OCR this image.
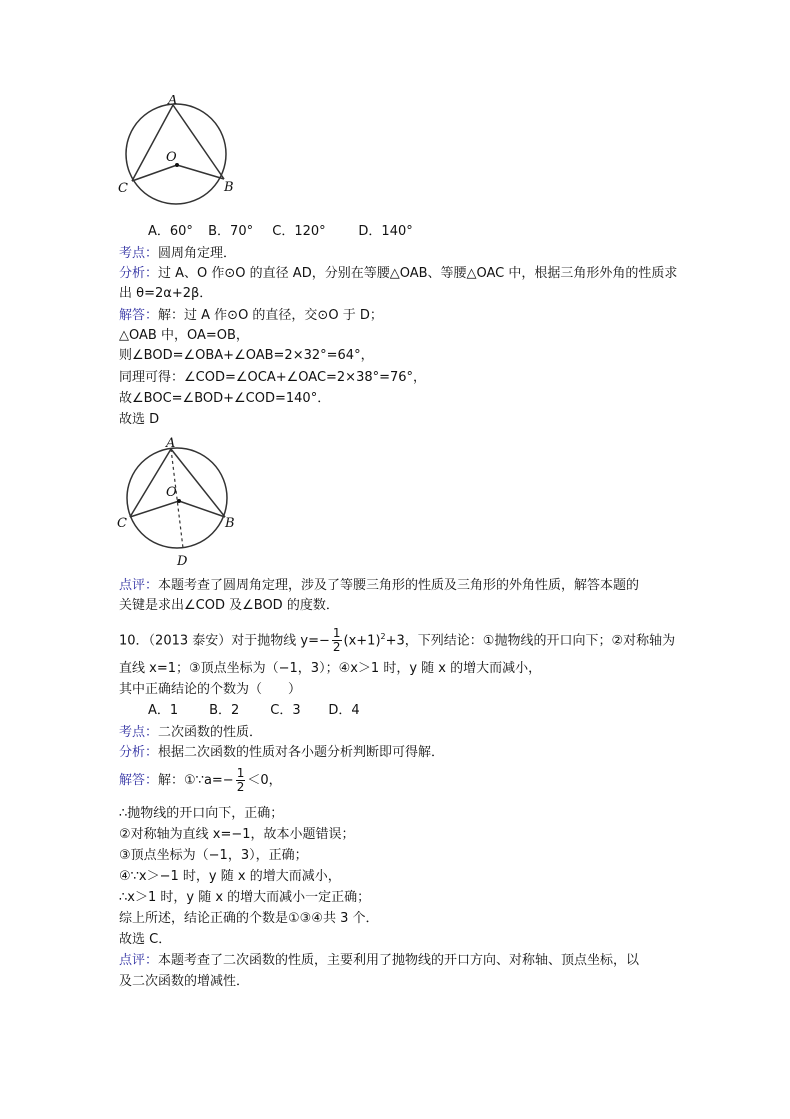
A
O
C	B
A．60° B．70° C．120°	D．140°
考点：圆周角定理．
分析：过 A、O 作⊙O 的直径 AD，分别在等腰△OAB、等腰△OAC 中，根据三角形外角的性质求
出 θ=2α+2β．
解答：解：过 A 作⊙O 的直径，交⊙O 于 D；
△OAB 中，OA=OB，
则∠BOD=∠OBA+∠OAB=2×32°=64°，
同理可得：∠COD=∠OCA+∠OAC=2×38°=76°，
故∠BOC=∠BOD+∠COD=140°．
故选 D
A
O
C	B
D
点评：本题考查了圆周角定理，涉及了等腰三角形的性质及三角形的外角性质，解答本题的
关键是求出∠COD 及∠BOD 的度数．
10．（2013 泰安）对于抛物线 $y=- \frac{1}{2} (x+1)^2+3$，下列结论：①抛物线的开口向下；②对称轴为
直线 x=1；③顶点坐标为（−1，3）；④x＞1 时，y 随 x 的增大而减小，
其中正确结论的个数为（　　）
A．1 B．2 C．3 D．4
考点：二次函数的性质．
分析：根据二次函数的性质对各小题分析判断即可得解．
解答：解：①∵a=− $\frac{1}{2} <0$，
∴抛物线的开口向下，正确；
②对称轴为直线 x=−1，故本小题错误；
③顶点坐标为（−1，3），正确；
④∵x＞−1 时，y 随 x 的增大而减小，
∴x＞1 时，y 随 x 的增大而减小一定正确；
综上所述，结论正确的个数是①③④共 3 个．
故选 C．
点评：本题考查了二次函数的性质，主要利用了抛物线的开口方向、对称轴、顶点坐标，以
及二次函数的增减性．
